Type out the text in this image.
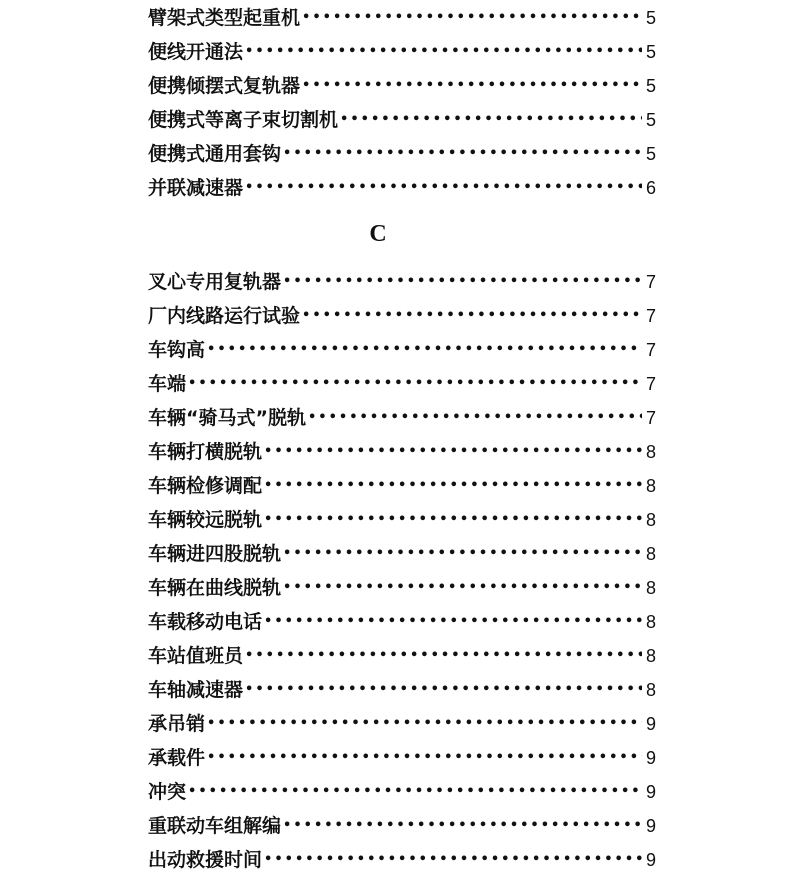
臂架式类型起重机 •••••	5
便线开通法 •••••	5
便携倾摆式复轨器 •••••	5
便携式等离子束切割机 •••••	5
便携式通用套钩 •••••	5
并联减速器 •••••	6
C
叉心专用复轨器 •••••	7
厂内线路运行试验 •••••	7
车钩高 •••••	7
车端 •••••	7
车辆“骑马式”脱轨 •••••	7
车辆打横脱轨 •••••	8
车辆检修调配 •••••	8
车辆较远脱轨 •••••	8
车辆进四股脱轨 •••••	8
车辆在曲线脱轨 •••••	8
车载移动电话 •••••	8
车站值班员 •••••	8
车轴减速器 •••••	8
承吊销 •••••	9
承载件 •••••	9
冲突 •••••	9
重联动车组解编 •••••	9
出动救援时间 •••••	9
